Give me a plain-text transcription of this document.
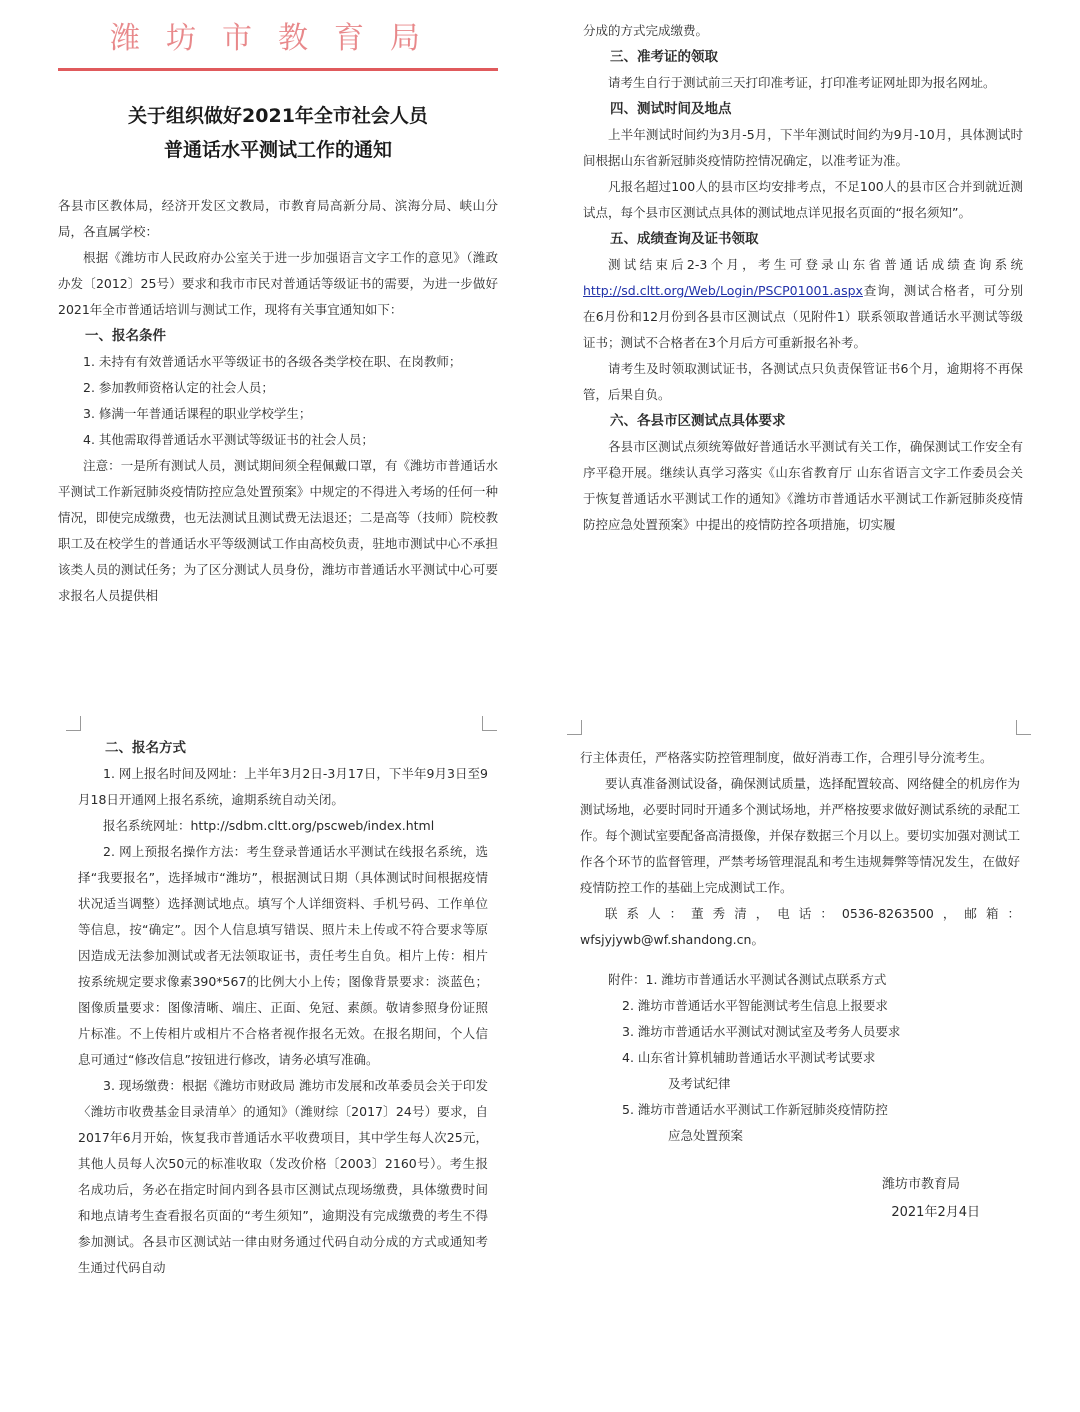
潍坊市教育局
关于组织做好2021年全市社会人员
普通话水平测试工作的通知

各县市区教体局，经济开发区文教局，市教育局高新分局、滨海分局、峡山分局，各直属学校：

根据《潍坊市人民政府办公室关于进一步加强语言文字工作的意见》（潍政办发〔2012〕25号）要求和我市市民对普通话等级证书的需要，为进一步做好2021年全市普通话培训与测试工作，现将有关事宜通知如下：

一、报名条件

1. 未持有有效普通话水平等级证书的各级各类学校在职、在岗教师；

2. 参加教师资格认定的社会人员；

3. 修满一年普通话课程的职业学校学生；

4. 其他需取得普通话水平测试等级证书的社会人员；

注意：一是所有测试人员，测试期间须全程佩戴口罩，有《潍坊市普通话水平测试工作新冠肺炎疫情防控应急处置预案》中规定的不得进入考场的任何一种情况，即使完成缴费，也无法测试且测试费无法退还；二是高等（技师）院校教职工及在校学生的普通话水平等级测试工作由高校负责，驻地市测试中心不承担该类人员的测试任务；为了区分测试人员身份，潍坊市普通话水平测试中心可要求报名人员提供相

分成的方式完成缴费。

三、准考证的领取

请考生自行于测试前三天打印准考证，打印准考证网址即为报名网址。

四、测试时间及地点

上半年测试时间约为3月-5月，下半年测试时间约为9月-10月，具体测试时间根据山东省新冠肺炎疫情防控情况确定，以准考证为准。

凡报名超过100人的县市区均安排考点，不足100人的县市区合并到就近测试点，每个县市区测试点具体的测试地点详见报名页面的“报名须知”。

五、成绩查询及证书领取

测试结束后2-3个月，考生可登录山东省普通话成绩查询系统http://sd.cltt.org/Web/Login/PSCP01001.aspx查询，测试合格者，可分别在6月份和12月份到各县市区测试点（见附件1）联系领取普通话水平测试等级证书；测试不合格者在3个月后方可重新报名补考。

请考生及时领取测试证书，各测试点只负责保管证书6个月，逾期将不再保管，后果自负。

六、各县市区测试点具体要求

各县市区测试点须统筹做好普通话水平测试有关工作，确保测试工作安全有序平稳开展。继续认真学习落实《山东省教育厅 山东省语言文字工作委员会关于恢复普通话水平测试工作的通知》《潍坊市普通话水平测试工作新冠肺炎疫情防控应急处置预案》中提出的疫情防控各项措施，切实履

二、报名方式

1. 网上报名时间及网址：上半年3月2日-3月17日，下半年9月3日至9月18日开通网上报名系统，逾期系统自动关闭。

报名系统网址：http://sdbm.cltt.org/pscweb/index.html

2. 网上预报名操作方法：考生登录普通话水平测试在线报名系统，选择“我要报名”，选择城市“潍坊”，根据测试日期（具体测试时间根据疫情状况适当调整）选择测试地点。填写个人详细资料、手机号码、工作单位等信息，按“确定”。因个人信息填写错误、照片未上传或不符合要求等原因造成无法参加测试或者无法领取证书，责任考生自负。相片上传：相片按系统规定要求像素390*567的比例大小上传；图像背景要求：淡蓝色；图像质量要求：图像清晰、端庄、正面、免冠、素颜。敬请参照身份证照片标准。不上传相片或相片不合格者视作报名无效。在报名期间，个人信息可通过“修改信息”按钮进行修改，请务必填写准确。

3. 现场缴费：根据《潍坊市财政局 潍坊市发展和改革委员会关于印发〈潍坊市收费基金目录清单〉的通知》（潍财综〔2017〕24号）要求，自2017年6月开始，恢复我市普通话水平收费项目，其中学生每人次25元，其他人员每人次50元的标准收取（发改价格〔2003〕2160号）。考生报名成功后，务必在指定时间内到各县市区测试点现场缴费，具体缴费时间和地点请考生查看报名页面的“考生须知”，逾期没有完成缴费的考生不得参加测试。各县市区测试站一律由财务通过代码自动分成的方式或通知考生通过代码自动

行主体责任，严格落实防控管理制度，做好消毒工作，合理引导分流考生。

要认真准备测试设备，确保测试质量，选择配置较高、网络健全的机房作为测试场地，必要时同时开通多个测试场地，并严格按要求做好测试系统的录配工作。每个测试室要配备高清摄像，并保存数据三个月以上。要切实加强对测试工作各个环节的监督管理，严禁考场管理混乱和考生违规舞弊等情况发生，在做好疫情防控工作的基础上完成测试工作。

联系人：董秀清，电话：0536-8263500，邮箱：wfsjyjywb@wf.shandong.cn。

附件：1. 潍坊市普通话水平测试各测试点联系方式

2. 潍坊市普通话水平智能测试考生信息上报要求

3. 潍坊市普通话水平测试对测试室及考务人员要求

4. 山东省计算机辅助普通话水平测试考试要求

及考试纪律

5. 潍坊市普通话水平测试工作新冠肺炎疫情防控

应急处置预案

潍坊市教育局
2021年2月4日
